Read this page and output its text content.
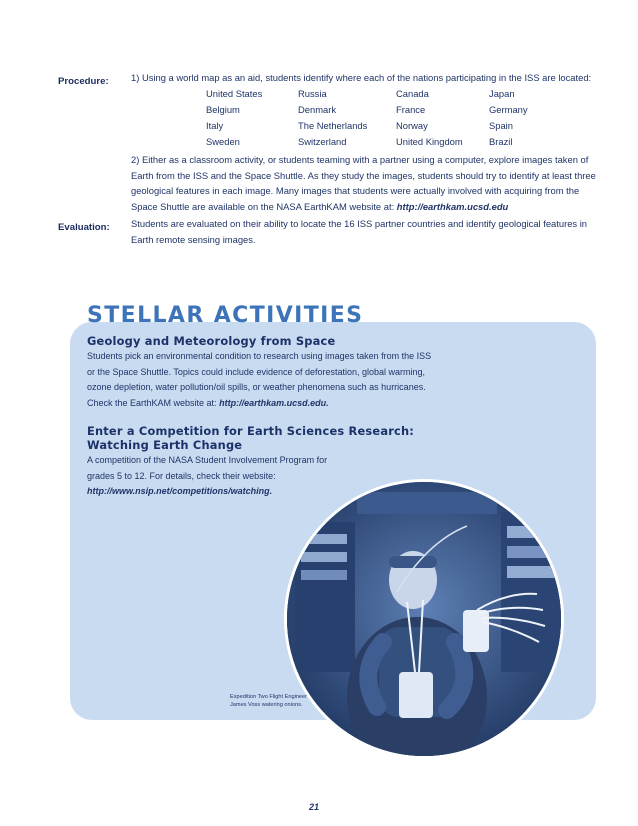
Procedure: 1) Using a world map as an aid, students identify where each of the nations participating in the ISS are located:
United States	Russia	Canada	Japan
Belgium	Denmark	France	Germany
Italy	The Netherlands	Norway	Spain
Sweden	Switzerland	United Kingdom	Brazil
2) Either as a classroom activity, or students teaming with a partner using a computer, explore images taken of Earth from the ISS and the Space Shuttle. As they study the images, students should try to identify at least three geological features in each image. Many images that students were actually involved with acquiring from the Space Shuttle are available on the NASA EarthKAM website at: http://earthkam.ucsd.edu
Evaluation: Students are evaluated on their ability to locate the 16 ISS partner countries and identify geological features in Earth remote sensing images.
STELLAR ACTIVITIES
Geology and Meteorology from Space
Students pick an environmental condition to research using images taken from the ISS or the Space Shuttle. Topics could include evidence of deforestation, global warming, ozone depletion, water pollution/oil spills, or weather phenomena such as hurricanes. Check the EarthKAM website at: http://earthkam.ucsd.edu.
Enter a Competition for Earth Sciences Research:
Watching Earth Change
A competition of the NASA Student Involvement Program for grades 5 to 12. For details, check their website: http://www.nsip.net/competitions/watching.
Expedition Two Flight Engineer
James Voss watering onions.
21
